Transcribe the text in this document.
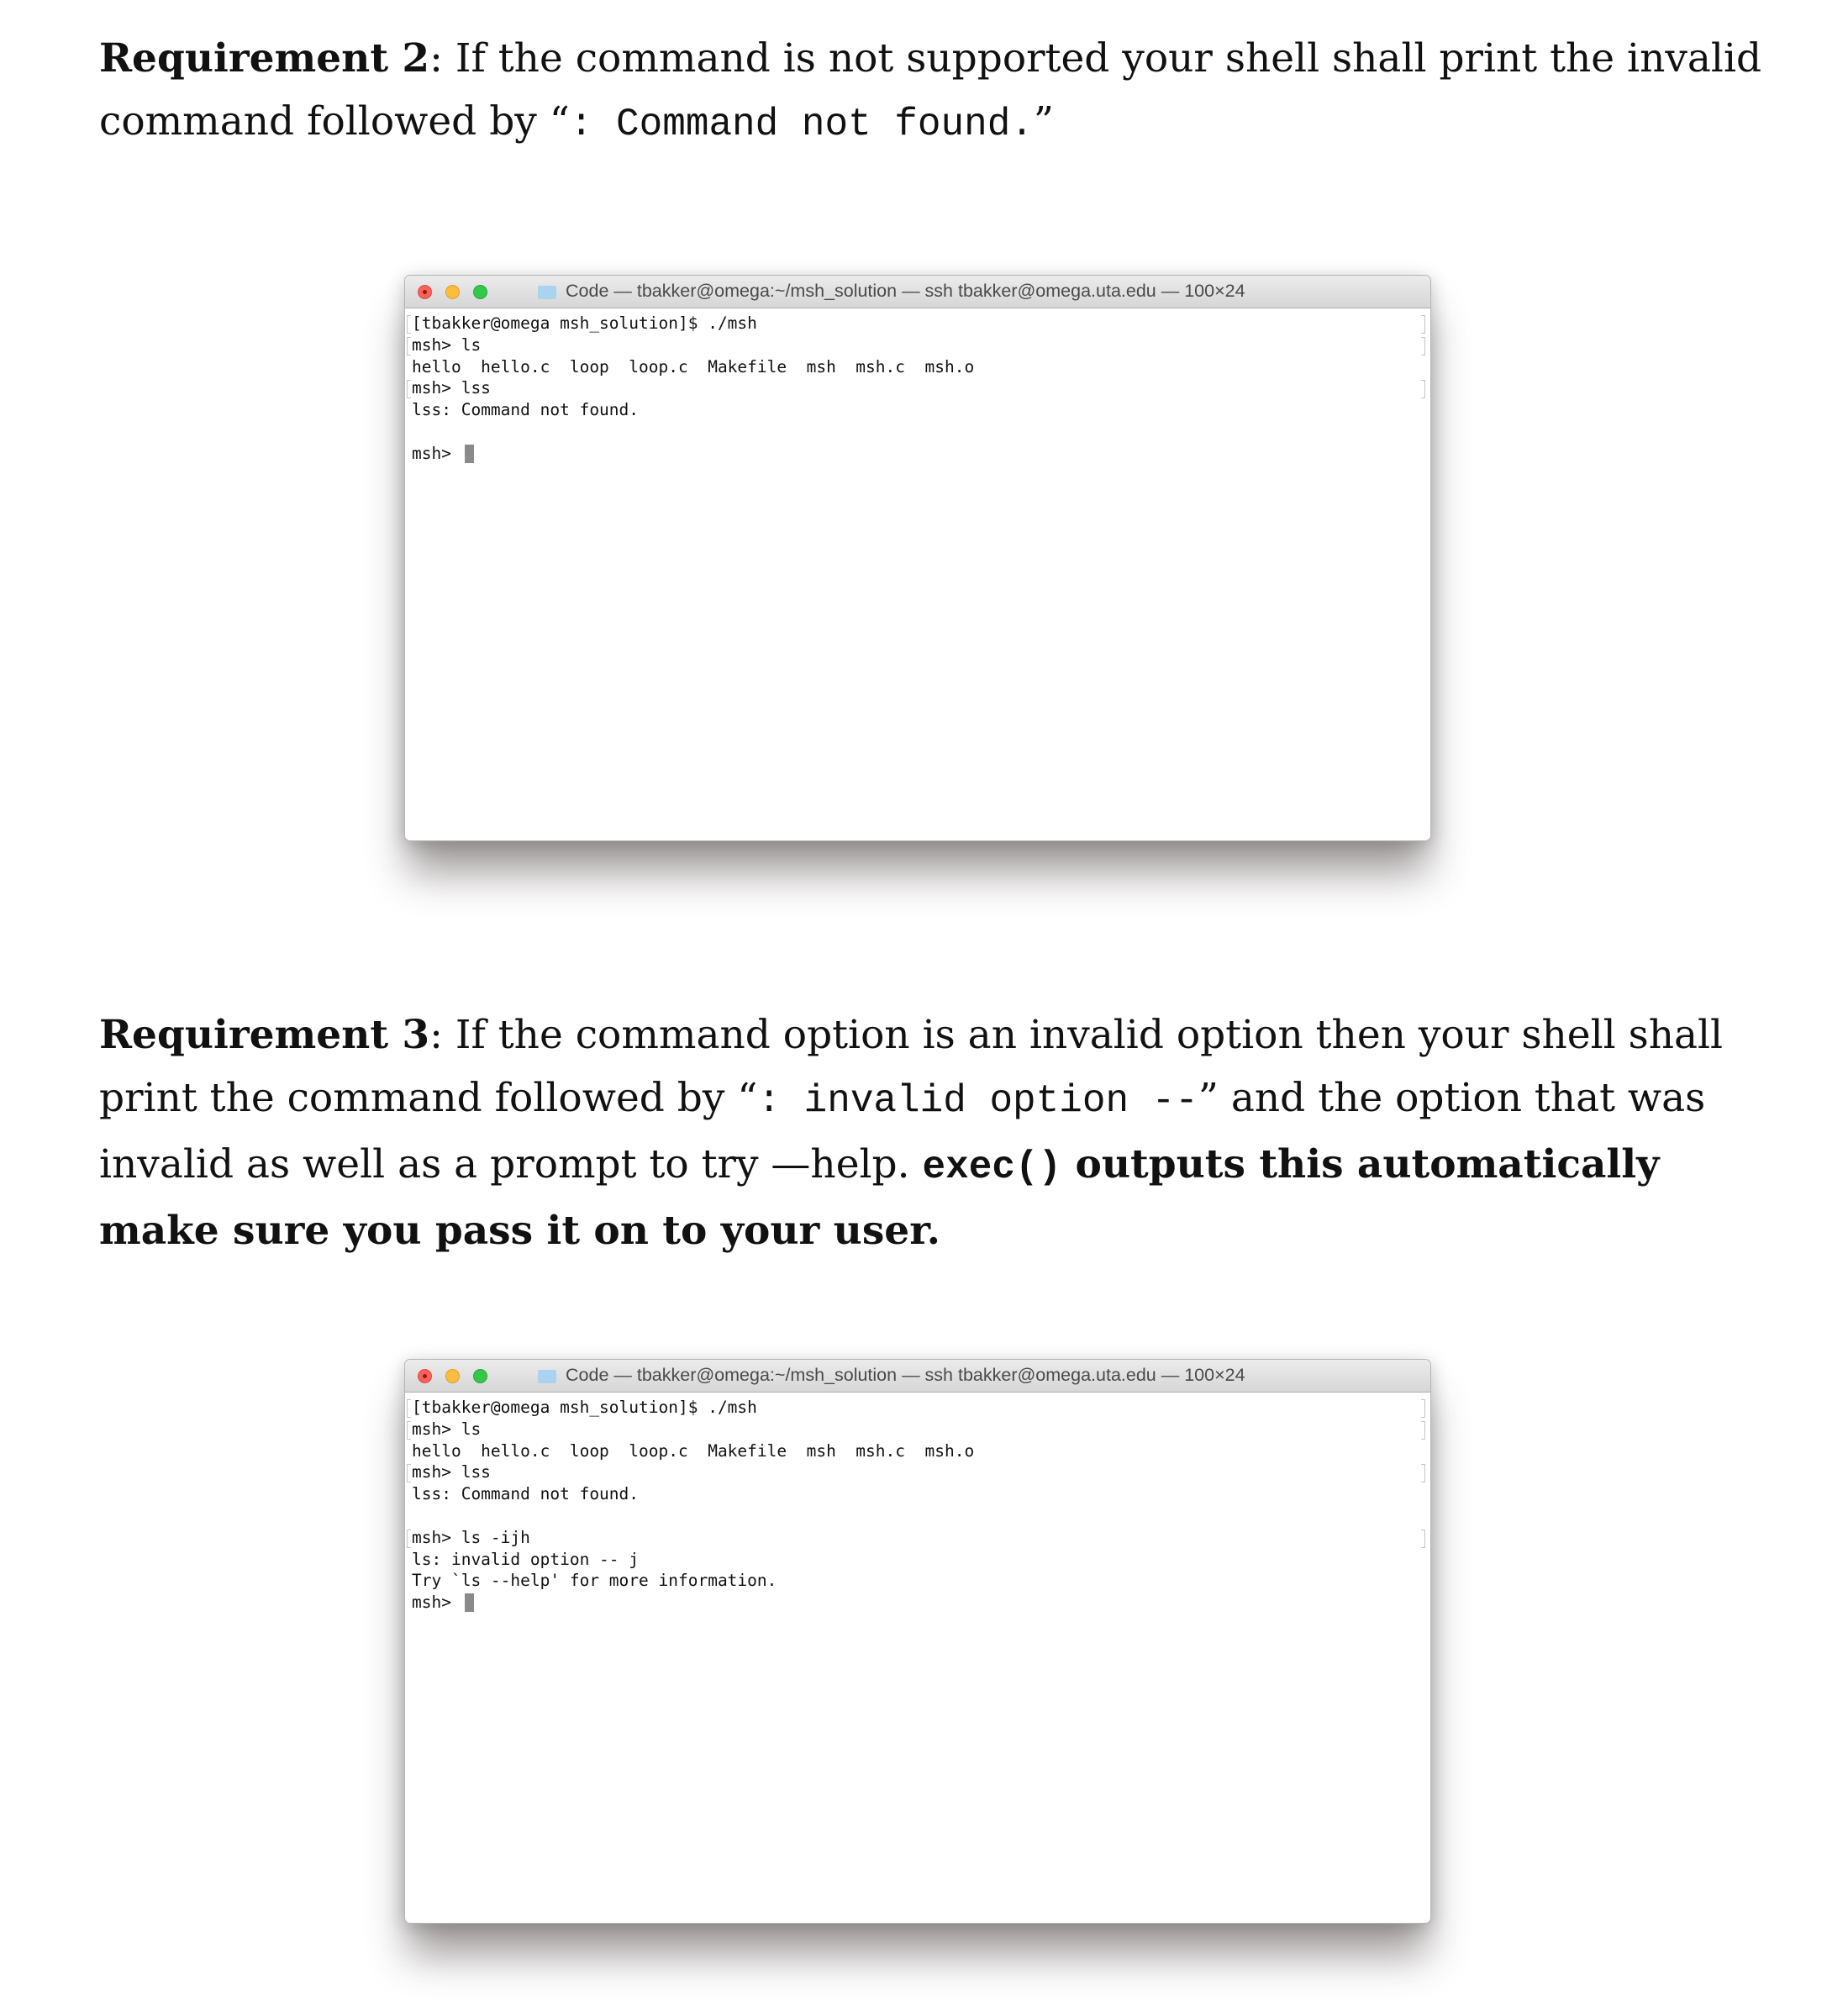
Requirement 2: If the command is not supported your shell shall print the invalid command followed by “: Command not found.”
Code — tbakker@omega:~/msh_solution — ssh tbakker@omega.uta.edu — 100×24
[tbakker@omega msh_solution]$ ./msh
msh> ls
hello  hello.c  loop  loop.c  Makefile  msh  msh.c  msh.o
msh> lss
lss: Command not found.
msh>
Requirement 3: If the command option is an invalid option then your shell shall print the command followed by “: invalid option --” and the option that was invalid as well as a prompt to try —help. exec() outputs this automatically make sure you pass it on to your user.
Code — tbakker@omega:~/msh_solution — ssh tbakker@omega.uta.edu — 100×24
[tbakker@omega msh_solution]$ ./msh
msh> ls
hello  hello.c  loop  loop.c  Makefile  msh  msh.c  msh.o
msh> lss
lss: Command not found.
msh> ls -ijh
ls: invalid option -- j
Try `ls --help' for more information.
msh>
